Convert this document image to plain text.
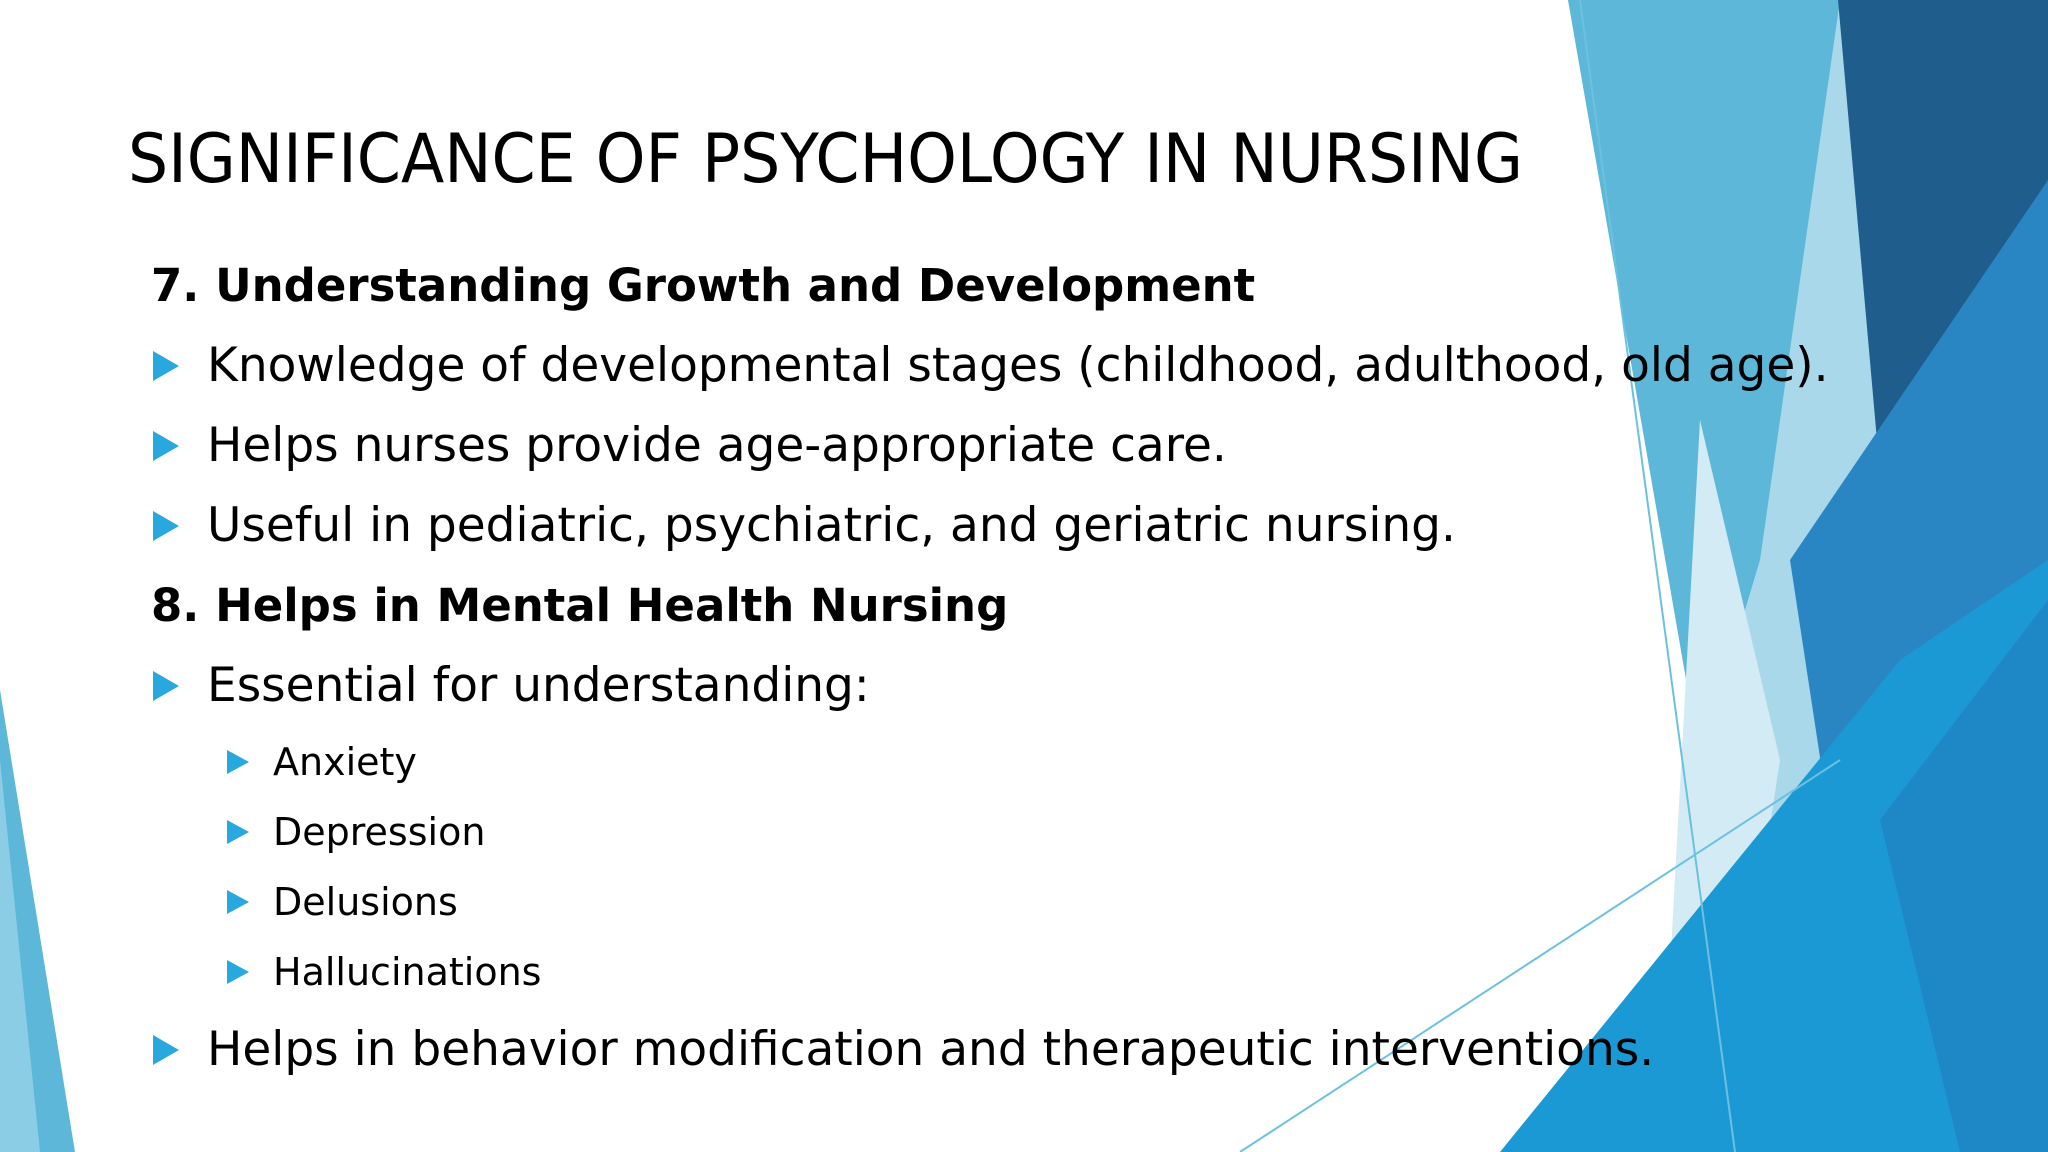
SIGNIFICANCE OF PSYCHOLOGY IN NURSING
7. Understanding Growth and Development
Knowledge of developmental stages (childhood, adulthood, old age).
Helps nurses provide age-appropriate care.
Useful in pediatric, psychiatric, and geriatric nursing.
8. Helps in Mental Health Nursing
Essential for understanding:
Anxiety
Depression
Delusions
Hallucinations
Helps in behavior modification and therapeutic interventions.
